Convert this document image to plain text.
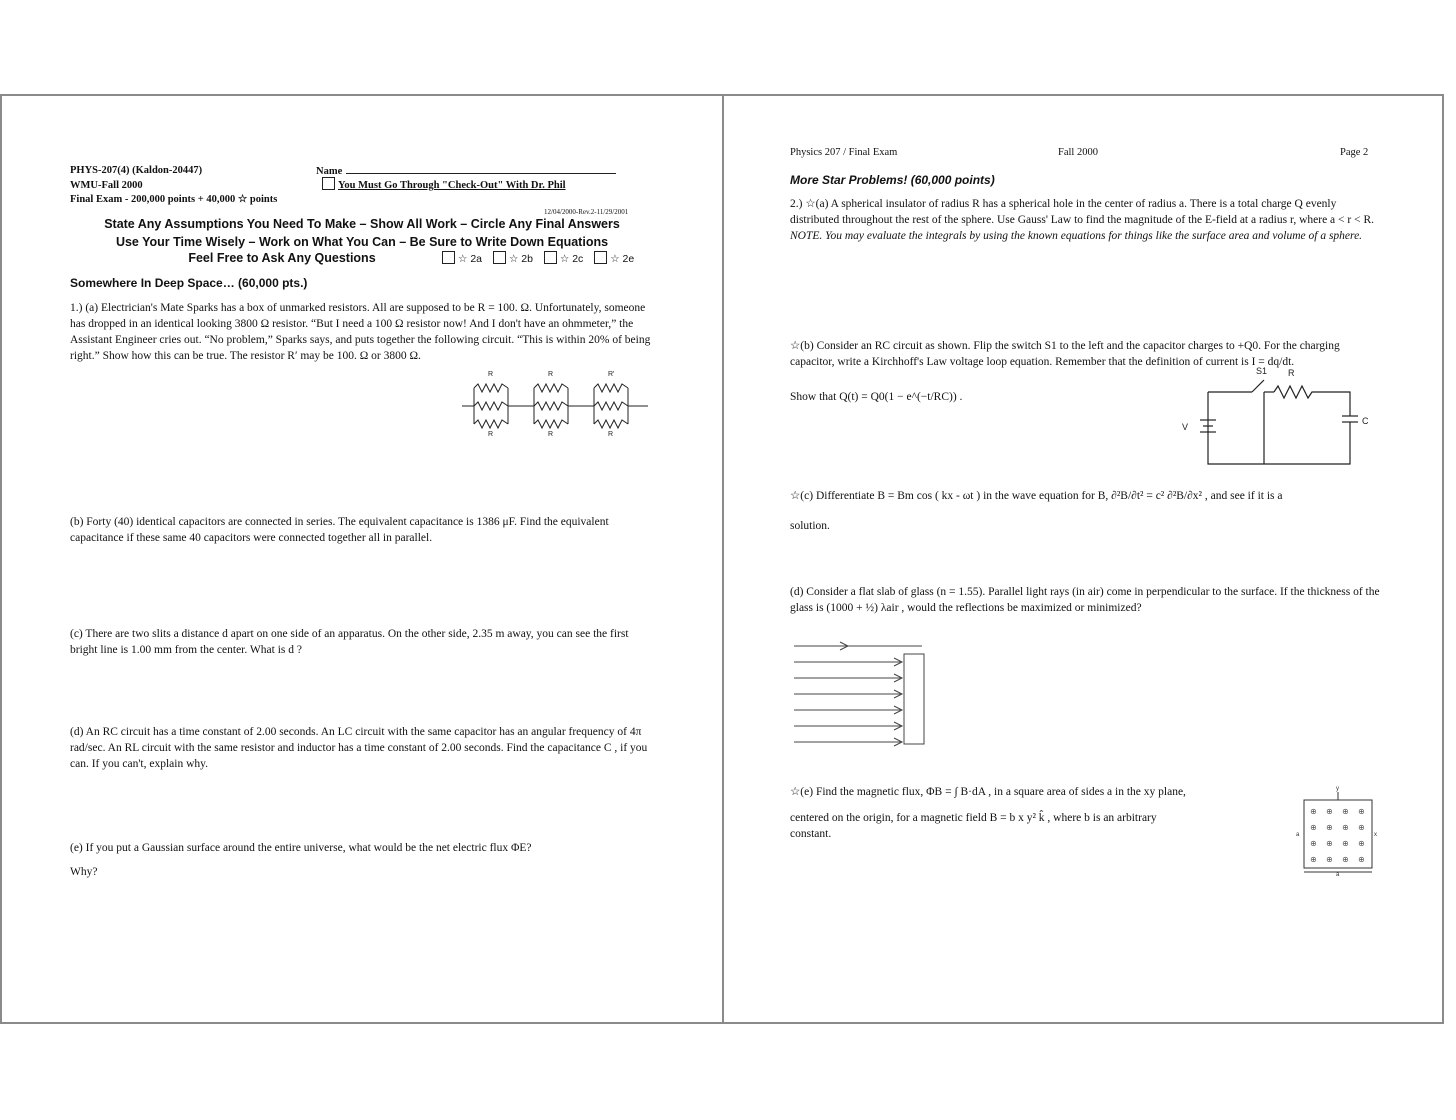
PHYS-207(4) (Kaldon-20447)	Name
WMU-Fall 2000	You Must Go Through "Check-Out" With Dr. Phil
Final Exam - 200,000 points + 40,000 ☆ points
12/04/2000-Rev.2-11/29/2001
State Any Assumptions You Need To Make – Show All Work – Circle Any Final Answers
Use Your Time Wisely – Work on What You Can – Be Sure to Write Down Equations
Feel Free to Ask Any Questions	☆ 2a	☆ 2b	☆ 2c	☆ 2e
Somewhere In Deep Space… (60,000 pts.)
1.) (a) Electrician's Mate Sparks has a box of unmarked resistors. All are supposed to be R = 100. Ω. Unfortunately, someone has dropped in an identical looking 3800 Ω resistor. “But I need a 100 Ω resistor now! And I don't have an ohmmeter,” the Assistant Engineer cries out. “No problem,” Sparks says, and puts together the following circuit. “This is within 20% of being right.” Show how this can be true. The resistor R′ may be 100. Ω or 3800 Ω.
R	R	R'
R	R	R
(b) Forty (40) identical capacitors are connected in series. The equivalent capacitance is 1386 μF. Find the equivalent capacitance if these same 40 capacitors were connected together all in parallel.
(c) There are two slits a distance d apart on one side of an apparatus. On the other side, 2.35 m away, you can see the first bright line is 1.00 mm from the center. What is d ?
(d) An RC circuit has a time constant of 2.00 seconds. An LC circuit with the same capacitor has an angular frequency of 4π rad/sec. An RL circuit with the same resistor and inductor has a time constant of 2.00 seconds. Find the capacitance C , if you can. If you can't, explain why.
(e) If you put a Gaussian surface around the entire universe, what would be the net electric flux ΦE?
Why?
Physics 207 / Final Exam	Fall 2000	Page 2
More Star Problems! (60,000 points)
2.) ☆(a) A spherical insulator of radius R has a spherical hole in the center of radius a. There is a total charge Q evenly distributed throughout the rest of the sphere. Use Gauss' Law to find the magnitude of the E-field at a radius r, where a < r < R. NOTE. You may evaluate the integrals by using the known equations for things like the surface area and volume of a sphere.
☆(b) Consider an RC circuit as shown. Flip the switch S1 to the left and the capacitor charges to +Q0. For the charging capacitor, write a Kirchhoff's Law voltage loop equation. Remember that the definition of current is I = dq/dt.
Show that Q(t) = Q0(1 − e^(−t/RC)) .
S1 R
V
C
☆(c) Differentiate B = Bm cos ( kx - ωt ) in the wave equation for B, ∂²B/∂t² = c² ∂²B/∂x² , and see if it is a
solution.
(d) Consider a flat slab of glass (n = 1.55). Parallel light rays (in air) come in perpendicular to the surface. If the thickness of the glass is (1000 + ½) λair , would the reflections be maximized or minimized?
☆(e) Find the magnetic flux, ΦB = ∫ B·dA , in a square area of sides a in the xy plane,
centered on the origin, for a magnetic field B = b x y² k̂ , where b is an arbitrary constant.
⊕ ⊕ ⊕ ⊕
⊕ ⊕ ⊕ ⊕
⊕ ⊕ ⊕ ⊕
⊕ ⊕ ⊕ ⊕
y
a
a
x
